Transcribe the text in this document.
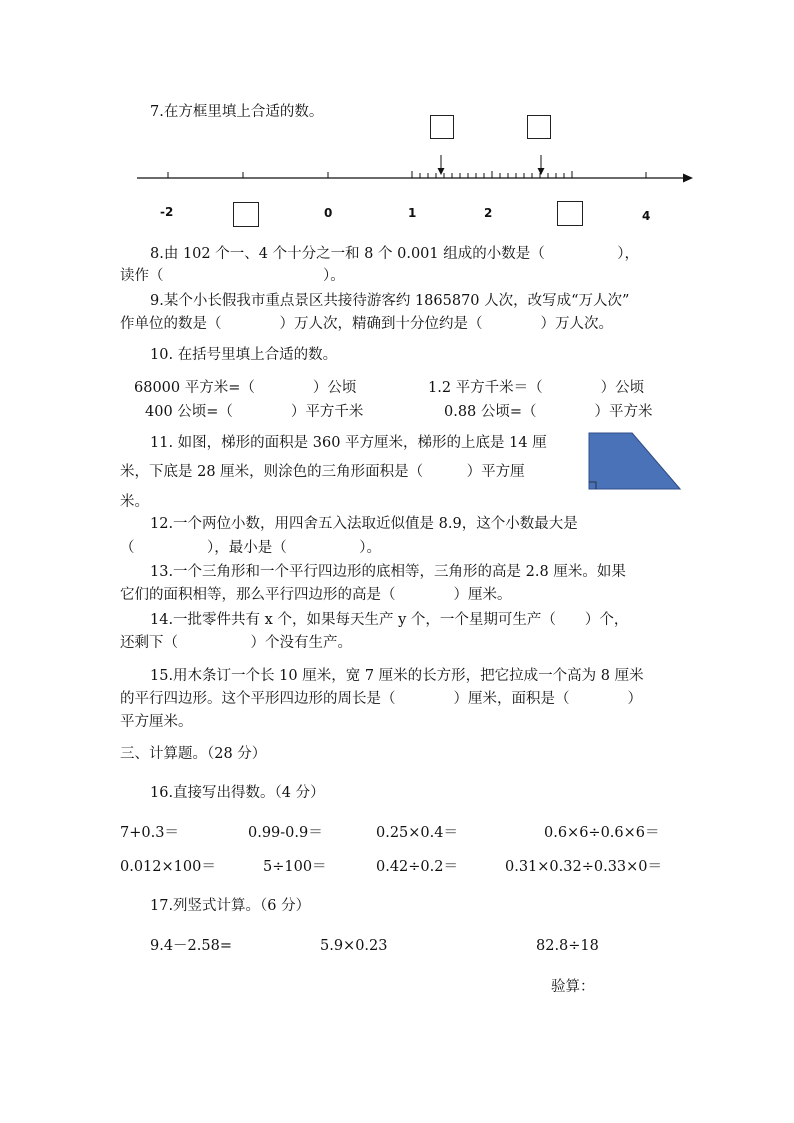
7.在方框里填上合适的数。
-2	0	1	2	4
8.由 102 个一、4 个十分之一和 8 个 0.001 组成的小数是（　　　　　），
读作（　　　　　　　　　　　）。
9.某个小长假我市重点景区共接待游客约 1865870 人次，改写成“万人次”
作单位的数是（　　　　）万人次，精确到十分位约是（　　　　）万人次。
10. 在括号里填上合适的数。
68000 平方米=（　　　　）公顷	1.2 平方千米＝（　　　　）公顷
400 公顷=（　　　　）平方千米	0.88 公顷=（　　　　）平方米
11. 如图，梯形的面积是 360 平方厘米，梯形的上底是 14 厘
米，下底是 28 厘米，则涂色的三角形面积是（　　　）平方厘
米。
12.一个两位小数，用四舍五入法取近似值是 8.9，这个小数最大是
（　　　　　），最小是（　　　　　）。
13.一个三角形和一个平行四边形的底相等，三角形的高是 2.8 厘米。如果
它们的面积相等，那么平行四边形的高是（　　　　）厘米。
14.一批零件共有 x 个，如果每天生产 y 个，一个星期可生产（　　）个，
还剩下（　　　　　）个没有生产。
15.用木条订一个长 10 厘米，宽 7 厘米的长方形，把它拉成一个高为 8 厘米
的平行四边形。这个平形四边形的周长是（　　　　）厘米，面积是（　　　　）
平方厘米。
三、计算题。（28 分）
16.直接写出得数。（4 分）
7+0.3＝	0.99-0.9＝	0.25×0.4＝	0.6×6÷0.6×6＝
0.012×100＝	5÷100＝	0.42÷0.2＝	0.31×0.32÷0.33×0＝
17.列竖式计算。（6 分）
9.4－2.58=	5.9×0.23	82.8÷18
验算：
